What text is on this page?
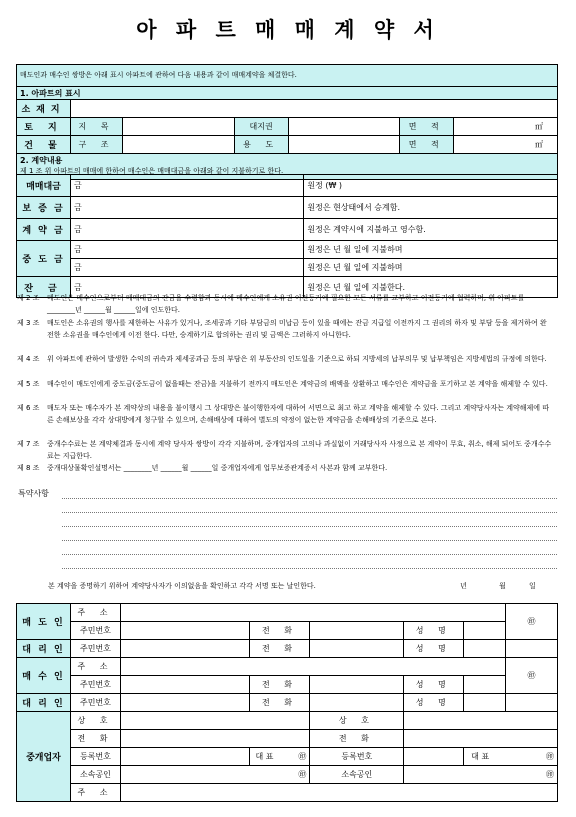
아 파 트 매 매 계 약 서
매도인과 매수인 쌍방은 아래 표시 아파트에 관하여 다음 내용과 같이 매매계약을 체결한다.						
1. 아파트의 표시						
소재지						
토 지	지 목		대지권		면 적	㎡
건 물	구 조		용 도		면 적	㎡

2. 계약내용
제 1 조 위 아파트의 매매에 한하여 매수인은 매매대금을 아래와 같이 지불하기로 한다.						
매매대금	금	원정 (₩ )
보 증 금	금	원정은 현상태에서 승계함.
계 약 금	금	원정은 계약시에 지불하고 영수함.
중 도 금	금	원정은 년 월 일에 지불하며
	금	원정은 년 월 일에 지불하며
잔 금	금	원정은 년 월 일에 지불한다.
제 2 조 매도인은 매수인으로부터 매매대금의 잔금을 수령함과 동시에 매수인에게 소유권 이전등기에 필요한 모든 서류를 교부하고 이전등기에 협력하며, 위 아파트를 ________년 ______월 ______일에 인도한다.
제 3 조 매도인은 소유권의 행사를 제한하는 사유가 있거나, 조세공과 기타 부담금의 미납금 등이 있을 때에는 잔금 지급일 이전까지 그 권리의 하자 및 부담 등을 제거하여 완전한 소유권을 매수인에게 이전 한다. 다만, 승계하기로 합의하는 권리 및 금액은 그러하지 아니한다.
제 4 조 위 아파트에 관하여 발생한 수익의 귀속과 제세공과금 등의 부담은 위 부동산의 인도일을 기준으로 하되 지방세의 납부의무 및 납부책임은 지방세법의 규정에 의한다.
제 5 조 매수인이 매도인에게 중도금(중도금이 없을때는 잔금)을 지불하기 전까지 매도인은 계약금의 배액을 상환하고 매수인은 계약금을 포기하고 본 계약을 해제할 수 있다.
제 6 조 매도자 또는 매수자가 본 계약상의 내용을 불이행시 그 상대방은 불이행한자에 대하여 서면으로 최고 하고 계약을 해제할 수 있다. 그리고 계약당사자는 계약해제에 따른 손해보상을 각각 상대방에게 청구할 수 있으며, 손해배상에 대하여 별도의 약정이 없는한 계약금을 손해배상의 기준으로 본다.
제 7 조 중개수수료는 본 계약체결과 동시에 계약 당사자 쌍방이 각각 지불하며, 중개업자의 고의나 과실없이 거래당사자 사정으로 본 계약이 무효, 취소, 해제 되어도 중개수수료는 지급한다.
제 8 조 중개대상물확인설명서는 ________년 ______월 ______일 중개업자에게 업무보증관계증서 사본과 함께 교부한다.
특약사항
본 계약을 증명하기 위하여 계약당사자가 이의없음을 확인하고 각각 서명 또는 날인한다.	년	월	일
매 도 인	주 소						㊞
	주민번호		전 화		성 명		
대 리 인	주민번호		전 화		성 명		
매 수 인	주 소						㊞
	주민번호		전 화		성 명		
대 리 인	주민번호		전 화		성 명		
중개업자	상 호			상 호			
	전 화			전 화			
	등록번호		대 표 ㊞	등록번호		대 표 ㊞	

	소속공인	㊞		소속공인	㊞		
	주 소						
